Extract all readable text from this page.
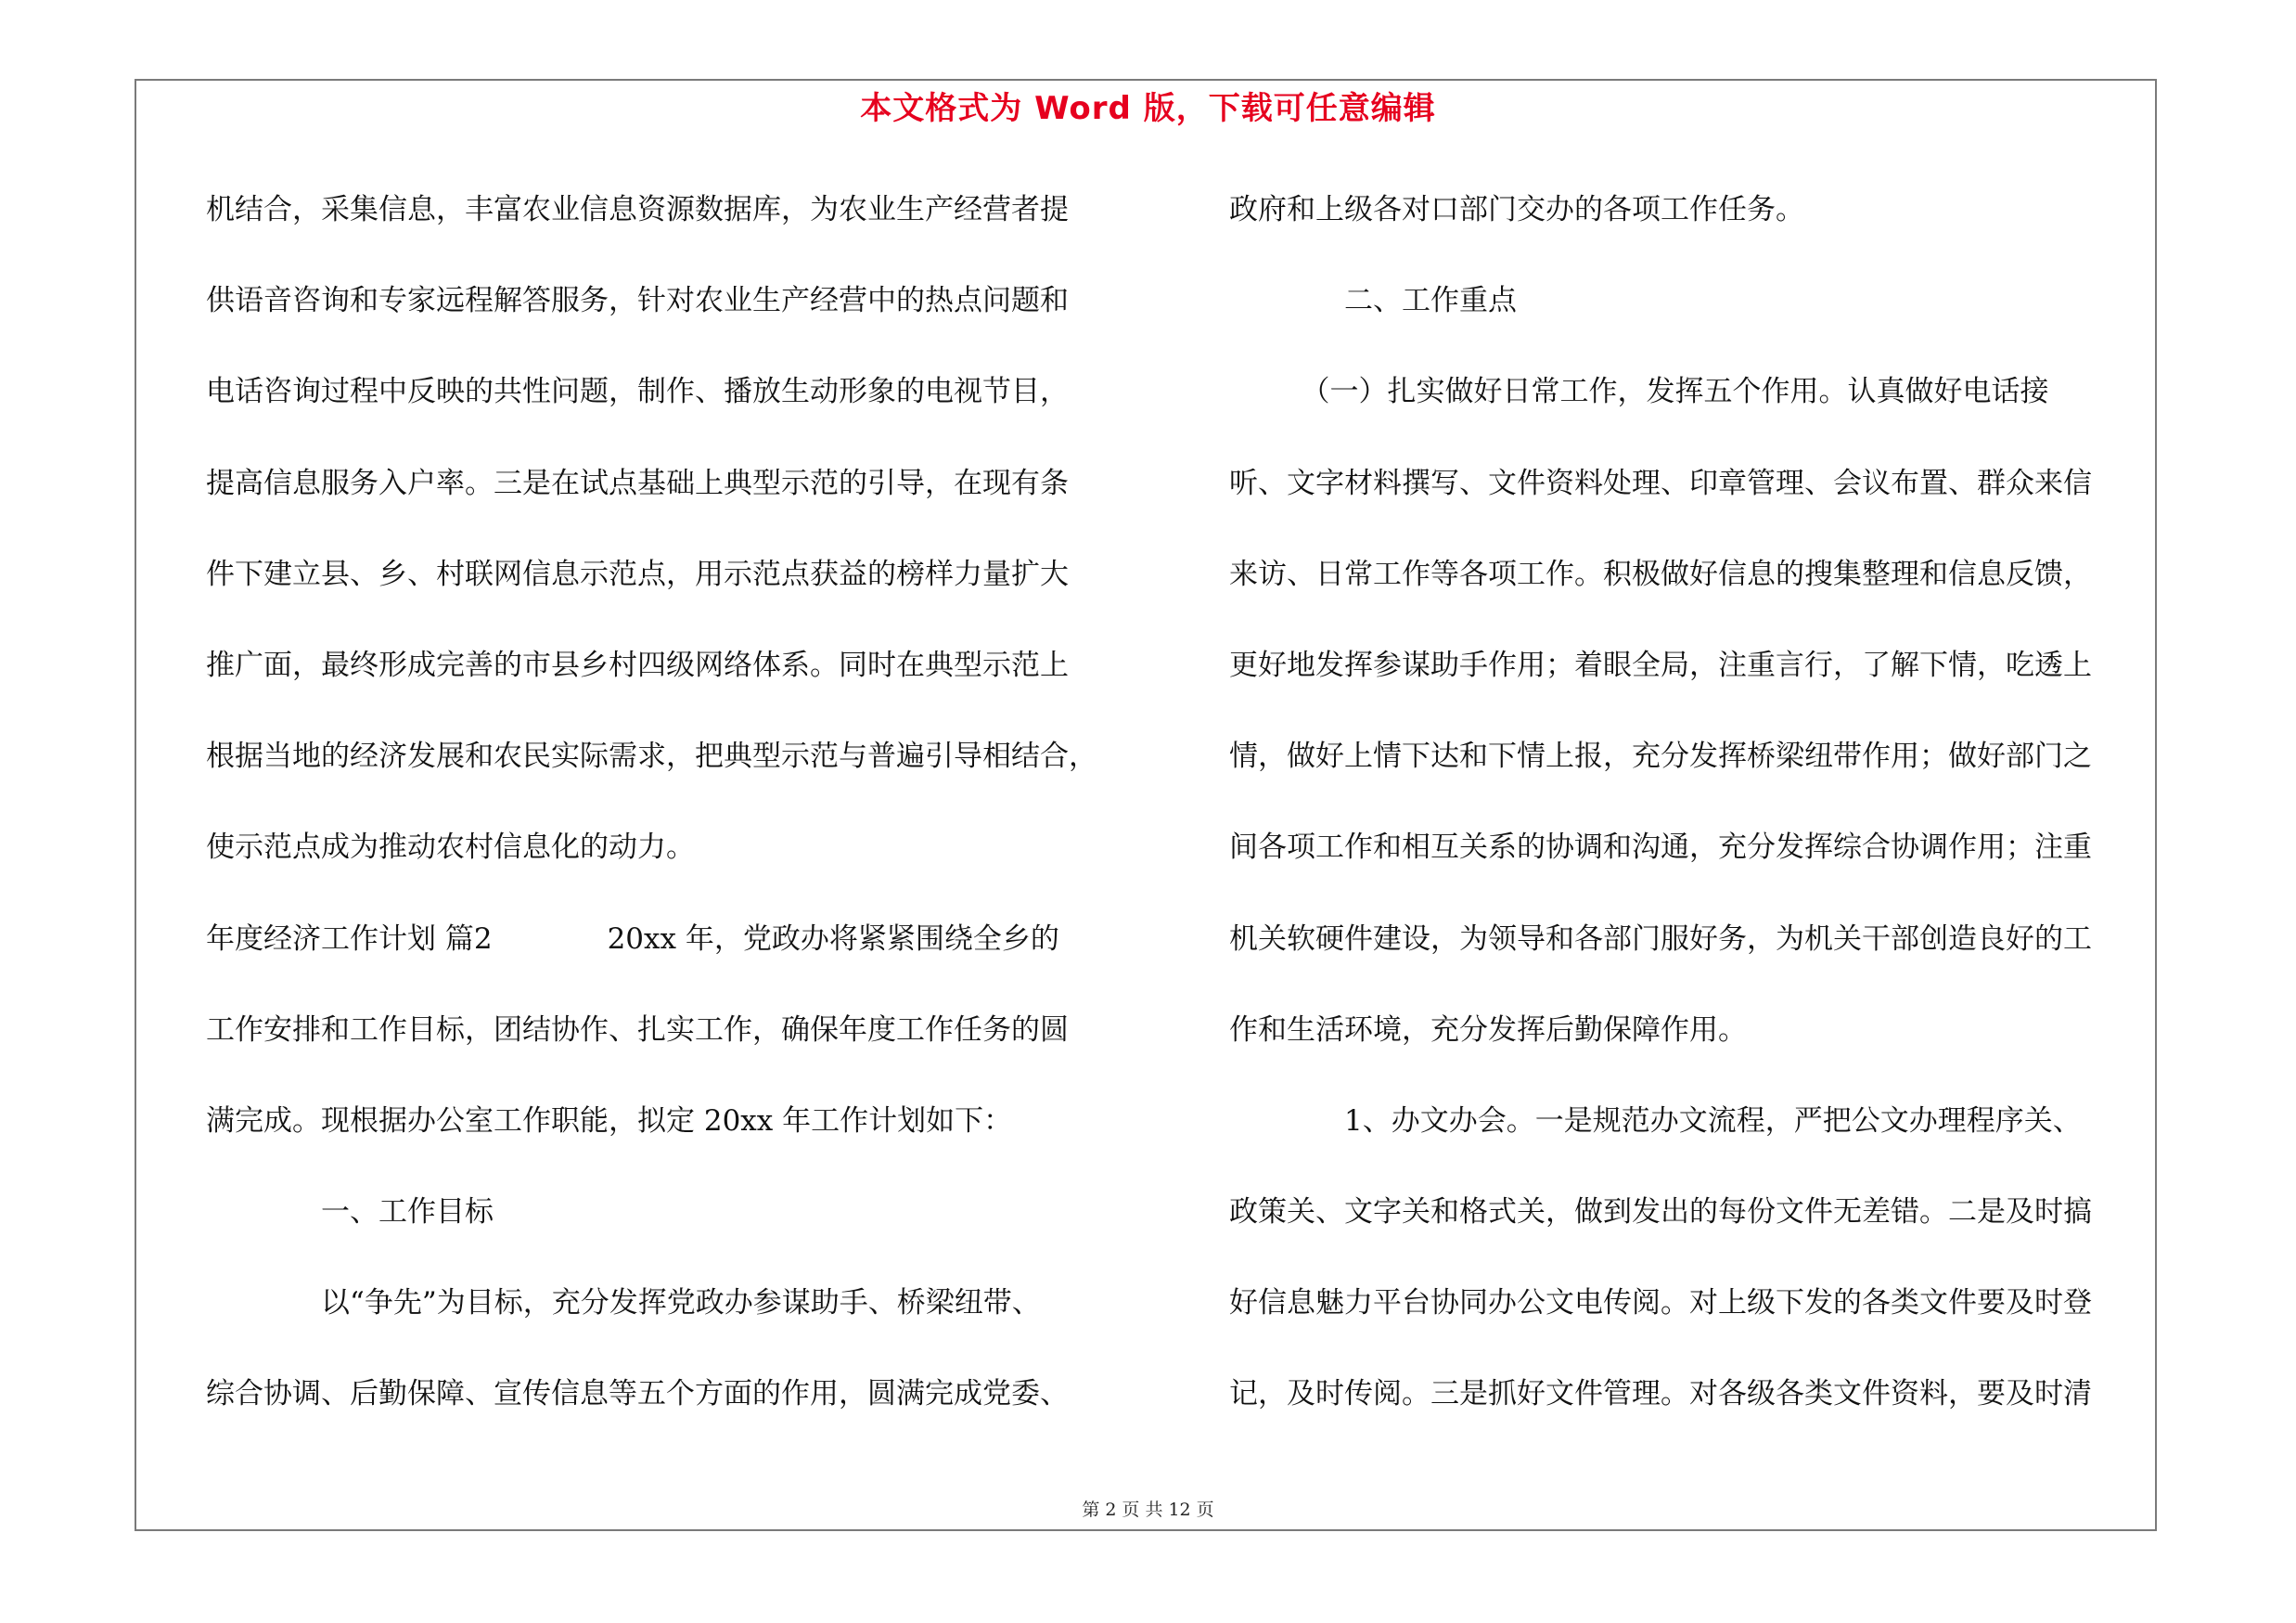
本文格式为 Word 版，下载可任意编辑

机结合，采集信息，丰富农业信息资源数据库，为农业生产经营者提

供语音咨询和专家远程解答服务，针对农业生产经营中的热点问题和

电话咨询过程中反映的共性问题，制作、播放生动形象的电视节目，

提高信息服务入户率。三是在试点基础上典型示范的引导，在现有条

件下建立县、乡、村联网信息示范点，用示范点获益的榜样力量扩大

推广面，最终形成完善的市县乡村四级网络体系。同时在典型示范上

根据当地的经济发展和农民实际需求，把典型示范与普遍引导相结合，

使示范点成为推动农村信息化的动力。

年度经济工作计划 篇2　　　　20xx 年，党政办将紧紧围绕全乡的

工作安排和工作目标，团结协作、扎实工作，确保年度工作任务的圆

满完成。现根据办公室工作职能，拟定 20xx 年工作计划如下：

　　　　一、工作目标

　　　　以“争先”为目标，充分发挥党政办参谋助手、桥梁纽带、

综合协调、后勤保障、宣传信息等五个方面的作用，圆满完成党委、

政府和上级各对口部门交办的各项工作任务。

　　　　二、工作重点

　　　（一）扎实做好日常工作，发挥五个作用。认真做好电话接

听、文字材料撰写、文件资料处理、印章管理、会议布置、群众来信

来访、日常工作等各项工作。积极做好信息的搜集整理和信息反馈，

更好地发挥参谋助手作用；着眼全局，注重言行，了解下情，吃透上

情，做好上情下达和下情上报，充分发挥桥梁纽带作用；做好部门之

间各项工作和相互关系的协调和沟通，充分发挥综合协调作用；注重

机关软硬件建设，为领导和各部门服好务，为机关干部创造良好的工

作和生活环境，充分发挥后勤保障作用。

　　　　1、办文办会。一是规范办文流程，严把公文办理程序关、

政策关、文字关和格式关，做到发出的每份文件无差错。二是及时搞

好信息魅力平台协同办公文电传阅。对上级下发的各类文件要及时登

记，及时传阅。三是抓好文件管理。对各级各类文件资料，要及时清

第 2 页 共 12 页
